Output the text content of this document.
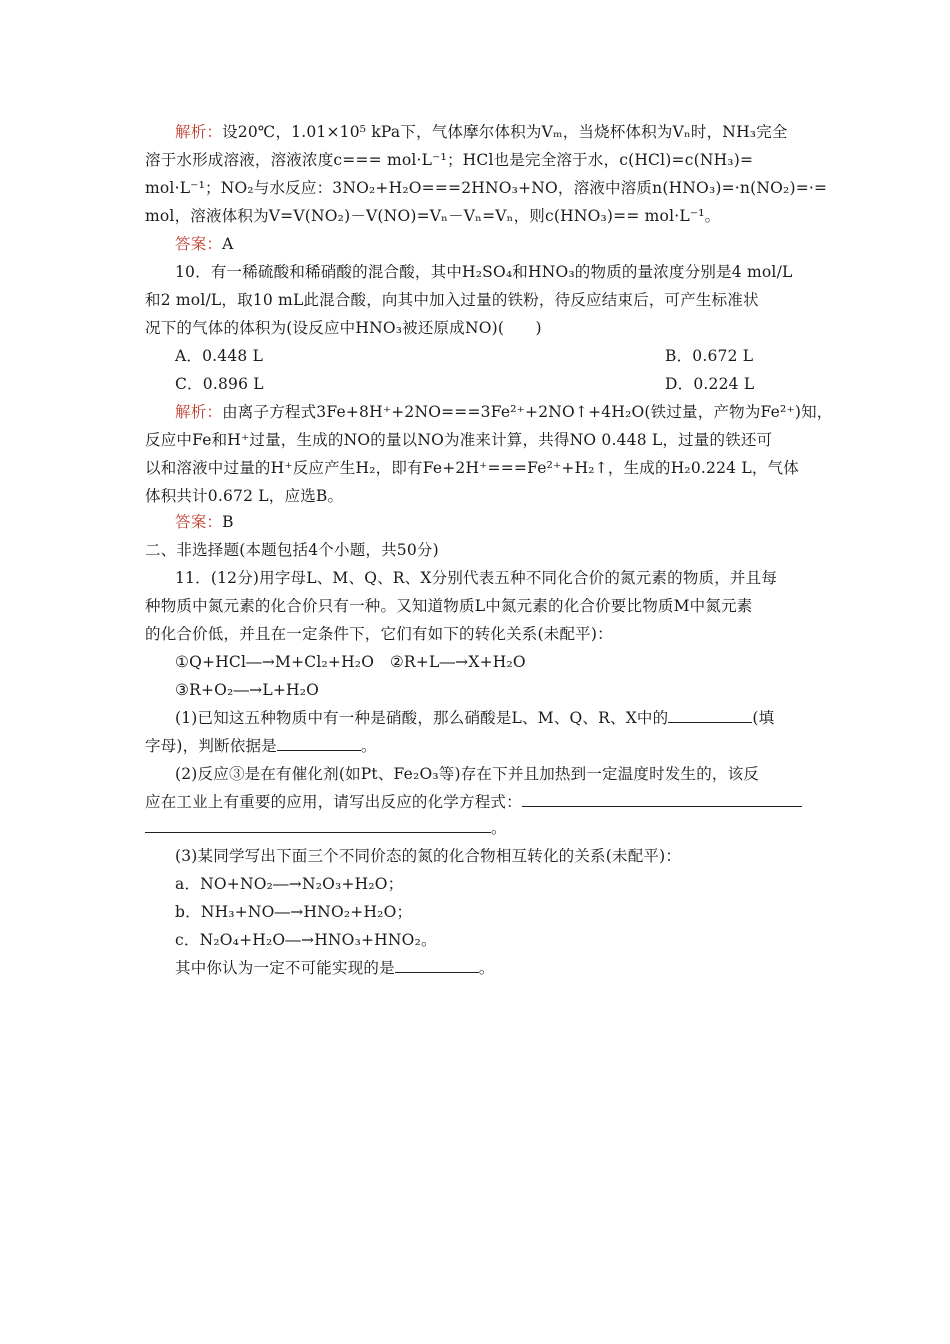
解析：设20℃，1.01×10⁵ kPa下，气体摩尔体积为Vₘ，当烧杯体积为Vₙ时，NH₃完全
溶于水形成溶液，溶液浓度c=== mol·L⁻¹；HCl也是完全溶于水，c(HCl)=c(NH₃)=
mol·L⁻¹；NO₂与水反应：3NO₂+H₂O===2HNO₃+NO，溶液中溶质n(HNO₃)=·n(NO₂)=·=
mol，溶液体积为V=V(NO₂)－V(NO)=Vₙ－Vₙ=Vₙ，则c(HNO₃)== mol·L⁻¹。
答案：A
10．有一稀硫酸和稀硝酸的混合酸，其中H₂SO₄和HNO₃的物质的量浓度分别是4 mol/L
和2 mol/L，取10 mL此混合酸，向其中加入过量的铁粉，待反应结束后，可产生标准状
况下的气体的体积为(设反应中HNO₃被还原成NO)(　　)
A．0.448 L	B．0.672 L
C．0.896 L	D．0.224 L
解析：由离子方程式3Fe+8H⁺+2NO===3Fe²⁺+2NO↑+4H₂O(铁过量，产物为Fe²⁺)知，
反应中Fe和H⁺过量，生成的NO的量以NO为准来计算，共得NO 0.448 L，过量的铁还可
以和溶液中过量的H⁺反应产生H₂，即有Fe+2H⁺===Fe²⁺+H₂↑，生成的H₂0.224 L，气体
体积共计0.672 L，应选B。
答案：B
二、非选择题(本题包括4个小题，共50分)
11．(12分)用字母L、M、Q、R、X分别代表五种不同化合价的氮元素的物质，并且每
种物质中氮元素的化合价只有一种。又知道物质L中氮元素的化合价要比物质M中氮元素
的化合价低，并且在一定条件下，它们有如下的转化关系(未配平)：
①Q+HCl―→M+Cl₂+H₂O　②R+L―→X+H₂O
③R+O₂―→L+H₂O
(1)已知这五种物质中有一种是硝酸，那么硝酸是L、M、Q、R、X中的	(填
字母)，判断依据是	。
(2)反应③是在有催化剂(如Pt、Fe₂O₃等)存在下并且加热到一定温度时发生的，该反
应在工业上有重要的应用，请写出反应的化学方程式：
。
(3)某同学写出下面三个不同价态的氮的化合物相互转化的关系(未配平)：
a．NO+NO₂―→N₂O₃+H₂O；
b．NH₃+NO―→HNO₂+H₂O；
c．N₂O₄+H₂O―→HNO₃+HNO₂。
其中你认为一定不可能实现的是	。
